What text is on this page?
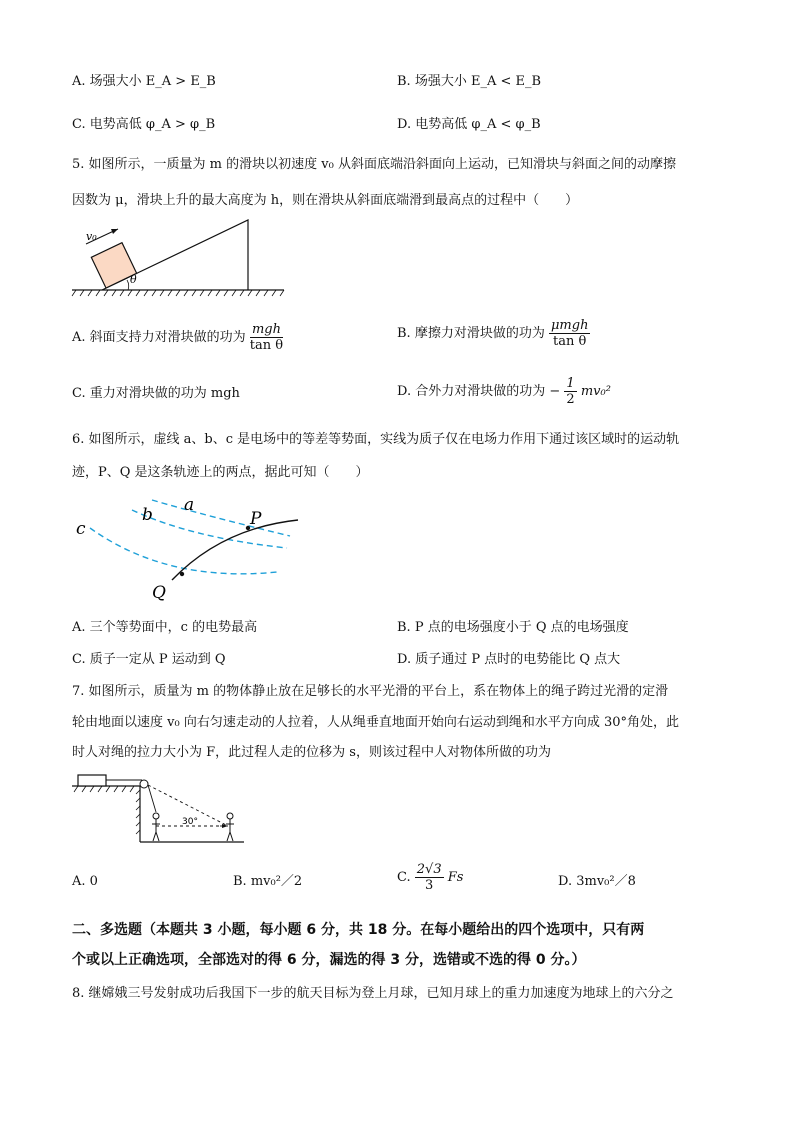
A. 场强大小 E_A > E_B	B. 场强大小 E_A < E_B
C. 电势高低 φ_A > φ_B	D. 电势高低 φ_A < φ_B
5. 如图所示，一质量为 m 的滑块以初速度 v₀ 从斜面底端沿斜面向上运动，已知滑块与斜面之间的动摩擦
因数为 μ，滑块上升的最大高度为 h，则在滑块从斜面底端滑到最高点的过程中（　　）
v₀
θ
A. 斜面支持力对滑块做的功为 $\frac{\text{mgh}}{\text{tan θ}}$	B. 摩擦力对滑块做的功为 $\frac{\text{μmgh}}{\text{tan θ}}$
C. 重力对滑块做的功为 mgh	D. 合外力对滑块做的功为 − $\frac{1}{2} mv_0^2$
6. 如图所示，虚线 a、b、c 是电场中的等差等势面，实线为质子仅在电场力作用下通过该区域时的运动轨
迹，P、Q 是这条轨迹上的两点，据此可知（　　）
a
b
c	P
Q
A. 三个等势面中，c 的电势最高	B. P 点的电场强度小于 Q 点的电场强度
C. 质子一定从 P 运动到 Q	D. 质子通过 P 点时的电势能比 Q 点大
7. 如图所示，质量为 m 的物体静止放在足够长的水平光滑的平台上，系在物体上的绳子跨过光滑的定滑
轮由地面以速度 v₀ 向右匀速走动的人拉着，人从绳垂直地面开始向右运动到绳和水平方向成 30°角处，此
时人对绳的拉力大小为 F，此过程人走的位移为 s，则该过程中人对物体所做的功为
30°
A. 0	B. mv₀²／2	C. $\frac{2√3}{3}$ Fs	D. 3mv₀²／8
二、多选题（本题共 3 小题，每小题 6 分，共 18 分。在每小题给出的四个选项中，只有两
个或以上正确选项，全部选对的得 6 分，漏选的得 3 分，选错或不选的得 0 分。）
8. 继嫦娥三号发射成功后我国下一步的航天目标为登上月球，已知月球上的重力加速度为地球上的六分之
